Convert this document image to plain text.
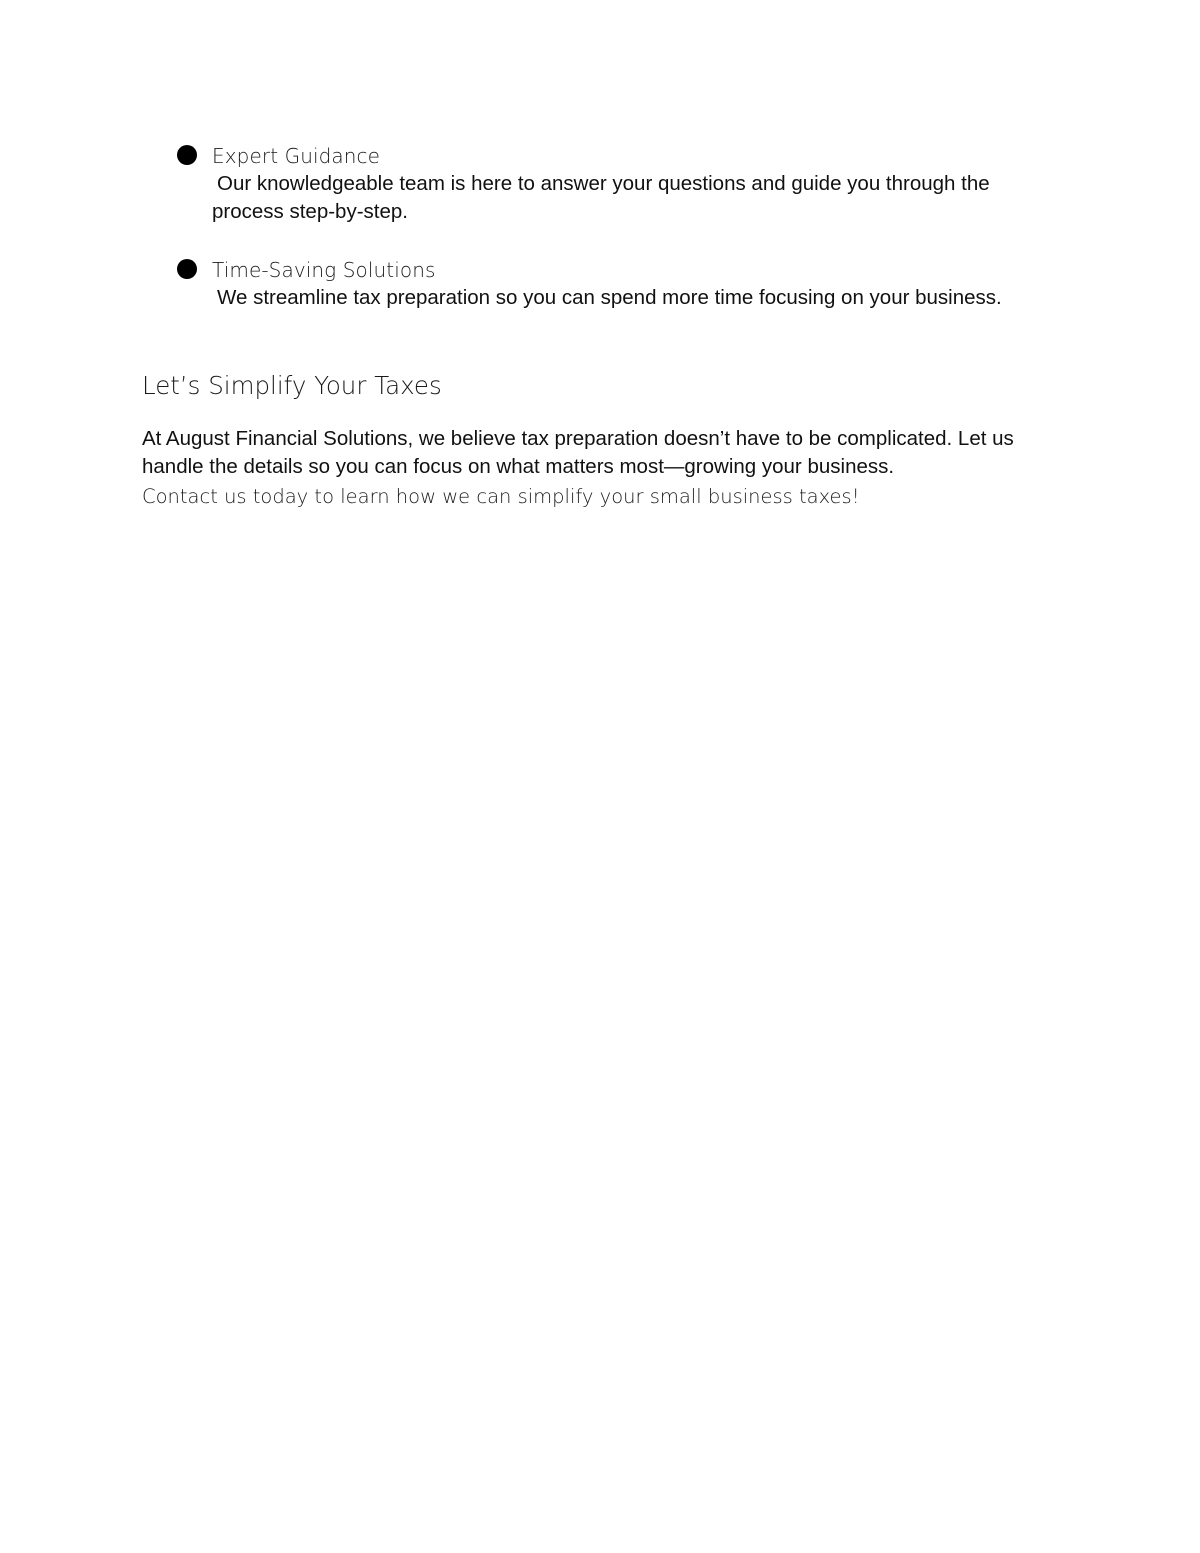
Expert Guidance
Our knowledgeable team is here to answer your questions and guide you through the process step-by-step.
Time-Saving Solutions
We streamline tax preparation so you can spend more time focusing on your business.
Let’s Simplify Your Taxes

At August Financial Solutions, we believe tax preparation doesn’t have to be complicated. Let us handle the details so you can focus on what matters most—growing your business.

Contact us today to learn how we can simplify your small business taxes!
